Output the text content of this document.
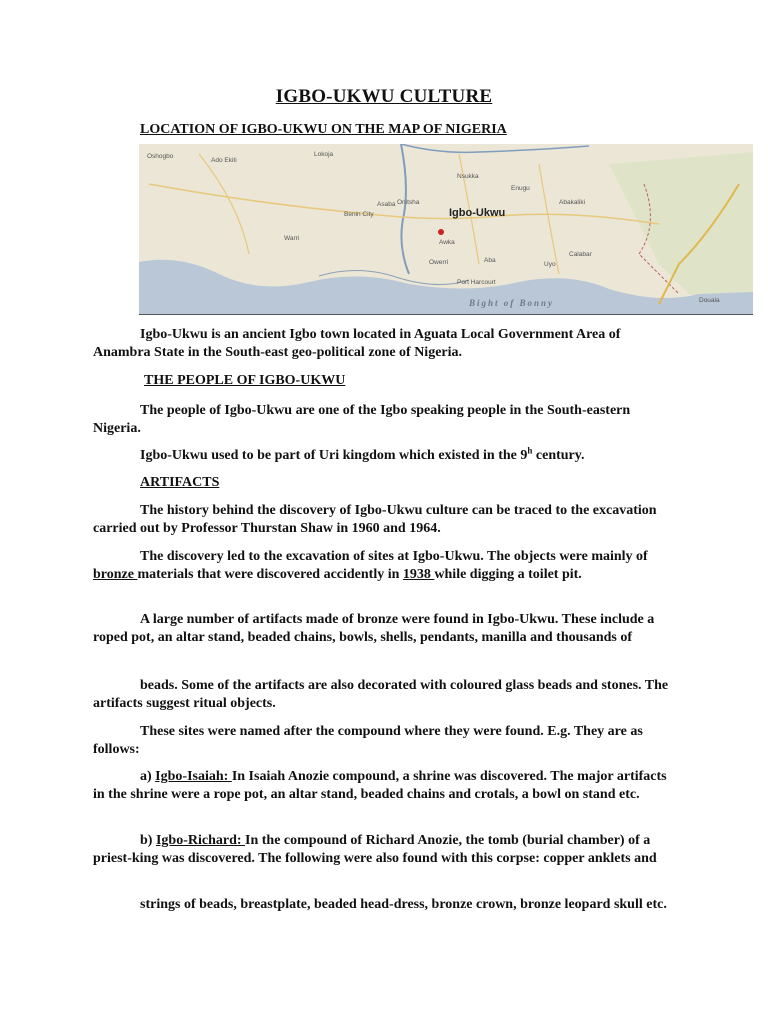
IGBO-UKWU CULTURE
LOCATION OF IGBO-UKWU ON THE MAP OF NIGERIA
Igbo-Ukwu
Bight of Bonny
Oshogbo
Ado Ekiti
Lokoja
Benin City
Warri
Asaba Onitsha
Nsukka
Enugu
Awka
Owerri	Aba
Port Harcourt
Calabar
Uyo
Abakaliki
Douala

Igbo-Ukwu is an ancient Igbo town located in Aguata Local Government Area of Anambra State in the South-east geo-political zone of Nigeria.

THE PEOPLE OF IGBO-UKWU

The people of Igbo-Ukwu are one of the Igbo speaking people in the South-eastern Nigeria.

Igbo-Ukwu used to be part of Uri kingdom which existed in the 9$^h$ century.

ARTIFACTS

The history behind the discovery of Igbo-Ukwu culture can be traced to the excavation carried out by Professor Thurstan Shaw in 1960 and 1964.

The discovery led to the excavation of sites at Igbo-Ukwu. The objects were mainly of bronze materials that were discovered accidently in 1938 while digging a toilet pit.

A large number of artifacts made of bronze were found in Igbo-Ukwu. These include a roped pot, an altar stand, beaded chains, bowls, shells, pendants, manilla and thousands of

beads. Some of the artifacts are also decorated with coloured glass beads and stones. The artifacts suggest ritual objects.

These sites were named after the compound where they were found. E.g. They are as follows:

a) Igbo-Isaiah: In Isaiah Anozie compound, a shrine was discovered. The major artifacts in the shrine were a rope pot, an altar stand, beaded chains and crotals, a bowl on stand etc.

b) Igbo-Richard: In the compound of Richard Anozie, the tomb (burial chamber) of a priest-king was discovered. The following were also found with this corpse: copper anklets and

strings of beads, breastplate, beaded head-dress, bronze crown, bronze leopard skull etc.
